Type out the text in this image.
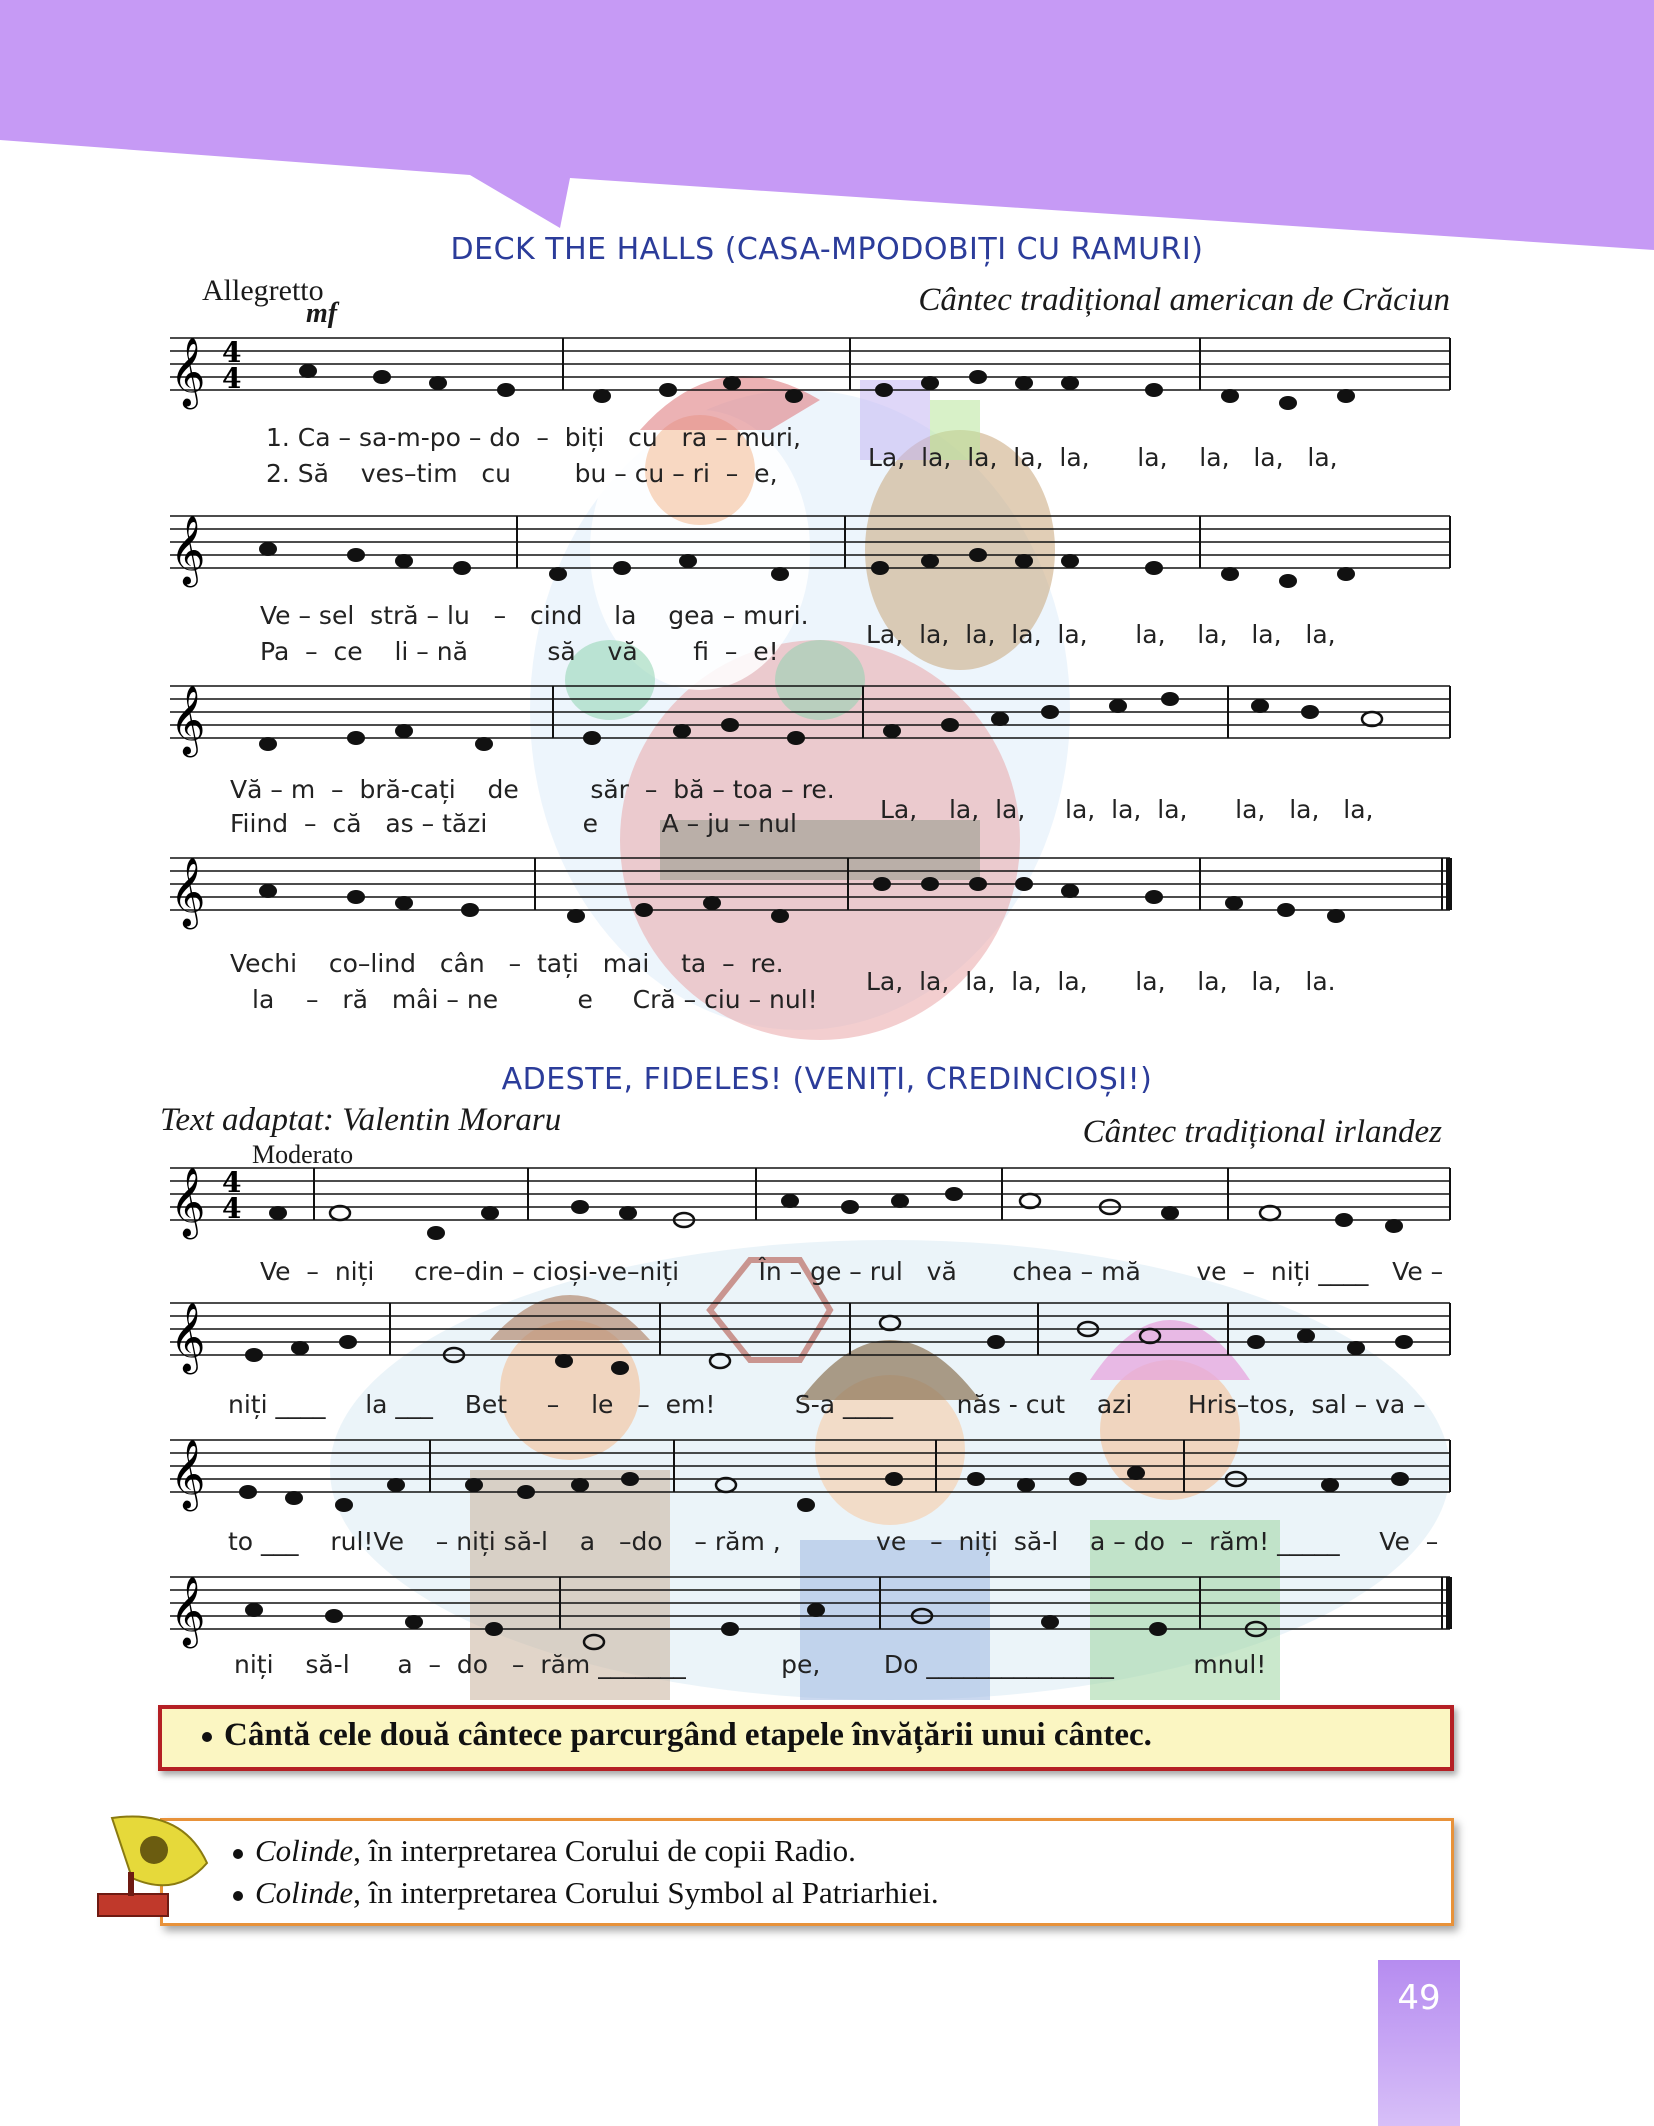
DECK THE HALLS (CASA-MPODOBIȚI CU RAMURI)
Allegretto
mf	Cântec tradițional american de Crăciun
𝄞 4
4
1. Ca – sa-m-po – do  –  biți   cu   ra – muri,
2. Să    ves–tim   cu        bu – cu – ri  –  e,
La,  la,  la,  la,  la,      la,    la,   la,   la,
𝄞
Ve – sel  stră – lu   –   cind    la    gea – muri.
Pa  –  ce    li – nă          să    vă       fi  –  e!
La,  la,  la,  la,  la,      la,    la,   la,   la,
𝄞
Vă – m  –  bră-cați    de         săr  –  bă – toa – re.
Fiind  –  că   as – tăzi            e        A – ju – nul	La,    la,  la,     la,  la,  la,      la,   la,   la,
𝄞
Vechi    co–lind   cân   –  tați   mai    ta  –  re.
la    –   ră   mâi – ne          e     Cră – ciu – nul!
La,  la,  la,  la,  la,      la,    la,   la,   la.
ADESTE, FIDELES! (VENIȚI, CREDINCIOȘI!)
Text adaptat: Valentin Moraru	Cântec tradițional irlandez
Moderato
𝄞 4
4
Ve  –  niți     cre–din – cioși-ve–niți          În – ge – rul   vă       chea – mă       ve  –  niți ____   Ve –
𝄞
niți ____     la ___    Bet     –    le   –  em!          S-a ____        năs - cut    azi       Hris–tos,  sal – va –
𝄞
to ___    rul!Ve    – niți să-l    a   –do    – răm ,            ve   –  niți  să-l    a – do  –  răm! _____     Ve  –
𝄞
niți    să-l      a  –  do   –  răm _______            pe,        Do _______________          mnul!
Cântă cele două cântece parcurgând etapele învățării unui cântec.
Colinde, în interpretarea Corului de copii Radio.
Colinde, în interpretarea Corului Symbol al Patriarhiei.
49
